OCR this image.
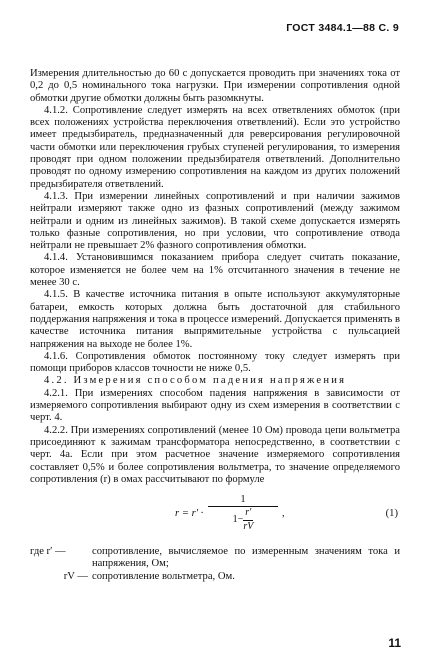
ГОСТ 3484.1—88 С. 9

Измерения длительностью до 60 с допускается проводить при значениях тока от 0,2 до 0,5 номинального тока нагрузки. При измерении сопротивления одной обмотки другие обмотки должны быть разомкнуты.

4.1.2. Сопротивление следует измерять на всех ответвлениях обмоток (при всех положениях устройства переключения ответвлений). Если это устройство имеет предызбиратель, предназначенный для реверсирования регулировочной части обмотки или переключения грубых ступеней регулирования, то измерения проводят при одном положении предызбирателя ответвлений. Дополнительно проводят по одному измерению сопротивления на каждом из других положений предызбирателя ответвлений.

4.1.3. При измерении линейных сопротивлений и при наличии зажимов нейтрали измеряют также одно из фазных сопротивлений (между зажимом нейтрали и одним из линейных зажимов). В такой схеме допускается измерять только фазные сопротивления, но при условии, что сопротивление отвода нейтрали не превышает 2% фазного сопротивления обмотки.

4.1.4. Установившимся показанием прибора следует считать показание, которое изменяется не более чем на 1% отсчитанного значения в течение не менее 30 с.

4.1.5. В качестве источника питания в опыте используют аккумуляторные батареи, емкость которых должна быть достаточной для стабильного поддержания напряжения и тока в процессе измерений. Допускается применять в качестве источника питания выпрямительные устройства с пульсацией напряжения на выходе не более 1%.

4.1.6. Сопротивления обмоток постоянному току следует измерять при помощи приборов классов точности не ниже 0,5.

4.2. Измерения способом падения напряжения

4.2.1. При измерениях способом падения напряжения в зависимости от измеряемого сопротивления выбирают одну из схем измерения в соответствии с черт. 4.

4.2.2. При измерениях сопротивлений (менее 10 Ом) провода цепи вольтметра присоединяют к зажимам трансформатора непосредственно, в соответствии с черт. 4а. Если при этом расчетное значение измеряемого сопротивления составляет 0,5% и более сопротивления вольтметра, то значение определяемого сопротивления (r) в омах рассчитывают по формуле

$r = r' \cdot \frac{1}{1- \frac{r'}{rV}}$ ,	(1)
где r′ —	сопротивление, вычисляемое по измеренным значениям тока и напряжения, Ом;
rV — сопротивление вольтметра, Ом.
11
